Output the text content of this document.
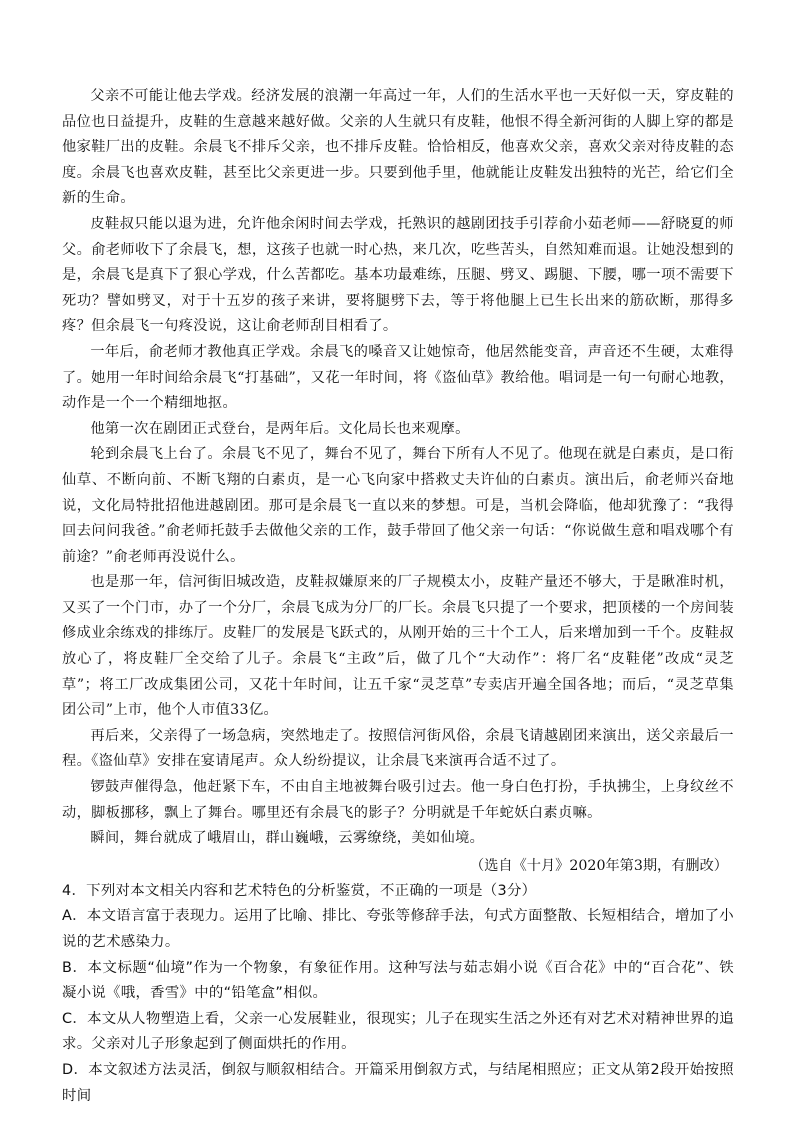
父亲不可能让他去学戏。经济发展的浪潮一年高过一年，人们的生活水平也一天好似一天，穿皮鞋的品位也日益提升，皮鞋的生意越来越好做。父亲的人生就只有皮鞋，他恨不得全新河街的人脚上穿的都是他家鞋厂出的皮鞋。余晨飞不排斥父亲，也不排斥皮鞋。恰恰相反，他喜欢父亲，喜欢父亲对待皮鞋的态度。余晨飞也喜欢皮鞋，甚至比父亲更进一步。只要到他手里，他就能让皮鞋发出独特的光芒，给它们全新的生命。

皮鞋叔只能以退为进，允许他余闲时间去学戏，托熟识的越剧团技手引荐俞小茹老师——舒晓夏的师父。俞老师收下了余晨飞，想，这孩子也就一时心热，来几次，吃些苦头，自然知难而退。让她没想到的是，余晨飞是真下了狠心学戏，什么苦都吃。基本功最难练，压腿、劈叉、踢腿、下腰，哪一项不需要下死功？譬如劈叉，对于十五岁的孩子来讲，要将腿劈下去，等于将他腿上已生长出来的筋砍断，那得多疼？但余晨飞一句疼没说，这让俞老师刮目相看了。

一年后，俞老师才教他真正学戏。余晨飞的嗓音又让她惊奇，他居然能变音，声音还不生硬，太难得了。她用一年时间给余晨飞“打基础”，又花一年时间，将《盗仙草》教给他。唱词是一句一句耐心地教，动作是一个一个精细地抠。

他第一次在剧团正式登台，是两年后。文化局长也来观摩。

轮到余晨飞上台了。余晨飞不见了，舞台不见了，舞台下所有人不见了。他现在就是白素贞，是口衔仙草、不断向前、不断飞翔的白素贞，是一心飞向家中搭救丈夫许仙的白素贞。演出后，俞老师兴奋地说，文化局特批招他进越剧团。那可是余晨飞一直以来的梦想。可是，当机会降临，他却犹豫了：“我得回去问问我爸。”俞老师托鼓手去做他父亲的工作，鼓手带回了他父亲一句话：“你说做生意和唱戏哪个有前途？”俞老师再没说什么。

也是那一年，信河街旧城改造，皮鞋叔嫌原来的厂子规模太小，皮鞋产量还不够大，于是瞅准时机，又买了一个门市，办了一个分厂，余晨飞成为分厂的厂长。余晨飞只提了一个要求，把顶楼的一个房间装修成业余练戏的排练厅。皮鞋厂的发展是飞跃式的，从刚开始的三十个工人，后来增加到一千个。皮鞋叔放心了，将皮鞋厂全交给了儿子。余晨飞“主政”后，做了几个“大动作”：将厂名“皮鞋佬”改成“灵芝草”；将工厂改成集团公司，又花十年时间，让五千家“灵芝草”专卖店开遍全国各地；而后，“灵芝草集团公司”上市，他个人市值33亿。

再后来，父亲得了一场急病，突然地走了。按照信河街风俗，余晨飞请越剧团来演出，送父亲最后一程。《盗仙草》安排在宴请尾声。众人纷纷提议，让余晨飞来演再合适不过了。

锣鼓声催得急，他赶紧下车，不由自主地被舞台吸引过去。他一身白色打扮，手执拂尘，上身纹丝不动，脚板挪移，飘上了舞台。哪里还有余晨飞的影子？分明就是千年蛇妖白素贞嘛。

瞬间，舞台就成了峨眉山，群山巍峨，云雾缭绕，美如仙境。

（选自《十月》2020年第3期，有删改）

4．下列对本文相关内容和艺术特色的分析鉴赏，不正确的一项是（3分）

A．本文语言富于表现力。运用了比喻、排比、夸张等修辞手法，句式方面整散、长短相结合，增加了小说的艺术感染力。

B．本文标题“仙境”作为一个物象，有象征作用。这种写法与茹志娟小说《百合花》中的“百合花”、铁凝小说《哦，香雪》中的“铅笔盒”相似。

C．本文从人物塑造上看，父亲一心发展鞋业，很现实；儿子在现实生活之外还有对艺术对精神世界的追求。父亲对儿子形象起到了侧面烘托的作用。

D．本文叙述方法灵活，倒叙与顺叙相结合。开篇采用倒叙方式，与结尾相照应；正文从第2段开始按照时间
